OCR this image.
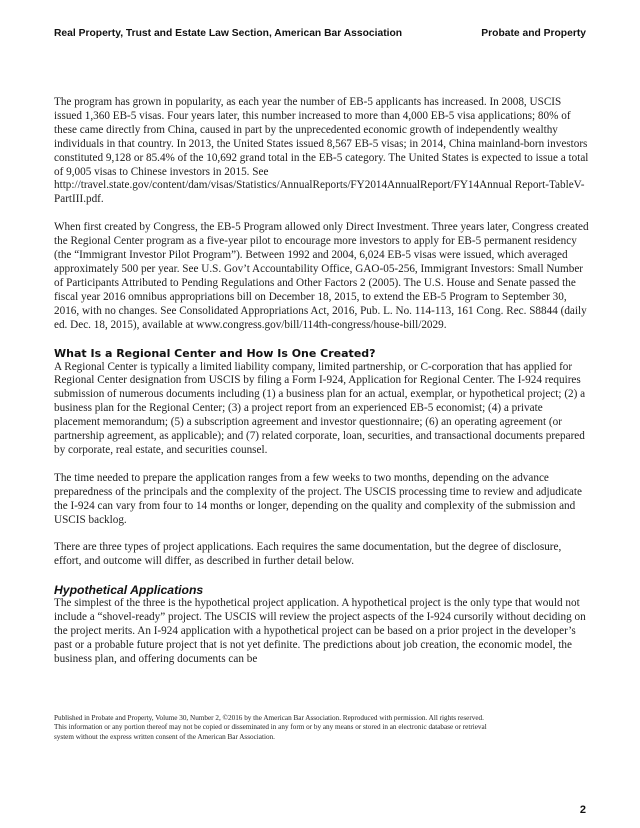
Real Property, Trust and Estate Law Section, American Bar Association	Probate and Property

The program has grown in popularity, as each year the number of EB-5 applicants has increased. In 2008, USCIS issued 1,360 EB-5 visas. Four years later, this number increased to more than 4,000 EB-5 visa applications; 80% of these came directly from China, caused in part by the unprecedented economic growth of independently wealthy individuals in that country. In 2013, the United States issued 8,567 EB-5 visas; in 2014, China mainland-born investors constituted 9,128 or 85.4% of the 10,692 grand total in the EB-5 category. The United States is expected to issue a total of 9,005 visas to Chinese investors in 2015. See http://travel.state.gov/content/dam/visas/Statistics/AnnualReports/FY2014AnnualReport/FY14Annual Report-TableV-PartIII.pdf.

When first created by Congress, the EB-5 Program allowed only Direct Investment. Three years later, Congress created the Regional Center program as a five-year pilot to encourage more investors to apply for EB-5 permanent residency (the “Immigrant Investor Pilot Program”). Between 1992 and 2004, 6,024 EB-5 visas were issued, which averaged approximately 500 per year. See U.S. Gov’t Accountability Office, GAO-05-256, Immigrant Investors: Small Number of Participants Attributed to Pending Regulations and Other Factors 2 (2005). The U.S. House and Senate passed the fiscal year 2016 omnibus appropriations bill on December 18, 2015, to extend the EB-5 Program to September 30, 2016, with no changes. See Consolidated Appropriations Act, 2016, Pub. L. No. 114-113, 161 Cong. Rec. S8844 (daily ed. Dec. 18, 2015), available at www.congress.gov/bill/114th-congress/house-bill/2029.

What Is a Regional Center and How Is One Created?

A Regional Center is typically a limited liability company, limited partnership, or C-corporation that has applied for Regional Center designation from USCIS by filing a Form I-924, Application for Regional Center. The I-924 requires submission of numerous documents including (1) a business plan for an actual, exemplar, or hypothetical project; (2) a business plan for the Regional Center; (3) a project report from an experienced EB-5 economist; (4) a private placement memorandum; (5) a subscription agreement and investor questionnaire; (6) an operating agreement (or partnership agreement, as applicable); and (7) related corporate, loan, securities, and transactional documents prepared by corporate, real estate, and securities counsel.

The time needed to prepare the application ranges from a few weeks to two months, depending on the advance preparedness of the principals and the complexity of the project. The USCIS processing time to review and adjudicate the I-924 can vary from four to 14 months or longer, depending on the quality and complexity of the submission and USCIS backlog.

There are three types of project applications. Each requires the same documentation, but the degree of disclosure, effort, and outcome will differ, as described in further detail below.

Hypothetical Applications

The simplest of the three is the hypothetical project application. A hypothetical project is the only type that would not include a “shovel-ready” project. The USCIS will review the project aspects of the I-924 cursorily without deciding on the project merits. An I-924 application with a hypothetical project can be based on a prior project in the developer’s past or a probable future project that is not yet definite. The predictions about job creation, the economic model, the business plan, and offering documents can be

Published in Probate and Property, Volume 30, Number 2, ©2016 by the American Bar Association. Reproduced with permission. All rights reserved. This information or any portion thereof may not be copied or disseminated in any form or by any means or stored in an electronic database or retrieval system without the express written consent of the American Bar Association.
2
